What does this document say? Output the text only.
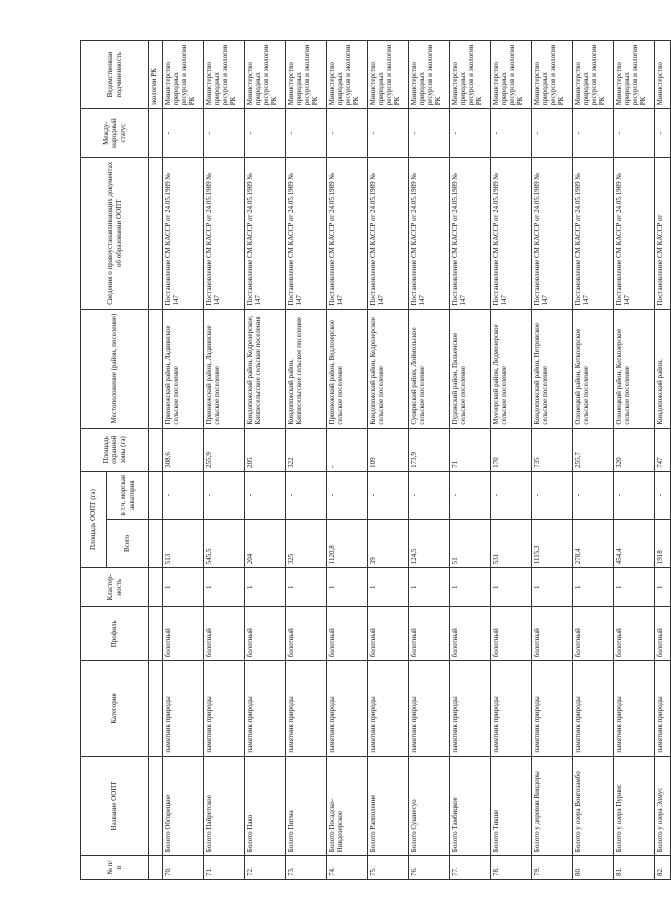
№ п/п	Название ООПТ	Категория	Профиль	Кластер-ность	Площадь ООПТ (га)		Площадь охранной зоны (га)	Местоположение (район, поселение)	Сведения о правоустанавливающих документах об образовании ООПТ	Между-народный статус	Ведомственная подчиненность

					Всего	в т.ч. морская акватория					
											экологии РК
70.	Болото Обгорецкое	памятник природы	болотный	1	513	-	308,6	Прионежский район, Ладвинское сельское поселение	Постановление СМ КАССР от 24.05.1989 № 147	-	Министерство природных ресурсов и экологии РК
71.	Болото Пайретское	памятник природы	болотный	1	545,5	-	255,9	Прионежский район, Ладвинское сельское поселение	Постановление СМ КАССР от 24.05.1989 № 147	-	Министерство природных ресурсов и экологии РК
72.	Болото Паяо	памятник природы	болотный	1	204	-	205	Кондопожский район, Кедрозерское, Кяппесельгское сельские поселения	Постановление СМ КАССР от 24.05.1989 № 147	-	Министерство природных ресурсов и экологии РК
73.	Болото Питма	памятник природы	болотный	1	325	-	322	Кондопожский район, Кяппесельгское сельское поселение	Постановление СМ КАССР от 24.05.1989 № 147	-	Министерство природных ресурсов и экологии РК
74.	Болото Посадско-Нивдозерское	памятник природы	болотный	1	1120,8	-	-	Прионежский район, Ведлозерское сельское поселение	Постановление СМ КАССР от 24.05.1989 № 147	-	Министерство природных ресурсов и экологии РК
75.	Болото Рапполенне	памятник природы	болотный	1	39	-	109	Кондопожский район, Кедрозерское сельское поселение	Постановление СМ КАССР от 24.05.1989 № 147	-	Министерство природных ресурсов и экологии РК
76.	Болото Сушиесуо	памятник природы	болотный	1	124,5	-	173,9	Суоярвский район, Лоймольское сельское поселение	Постановление СМ КАССР от 24.05.1989 № 147	-	Министерство природных ресурсов и экологии РК
77.	Болото Тамбицкое	памятник природы	болотный	1	51	-	71	Пудожский район, Пяльемское сельское поселение	Постановление СМ КАССР от 24.05.1989 № 147	-	Министерство природных ресурсов и экологии РК
78.	Болото Тикше	памятник природы	болотный	1	531	-	170	Муезерский район, Ледмозерское сельское поселение	Постановление СМ КАССР от 24.05.1989 № 147	-	Министерство природных ресурсов и экологии РК
79.	Болото у деревни Виндоры	памятник природы	болотный	1	1115,3	-	735	Кондопожский район, Петровское сельское поселение	Постановление СМ КАССР от 24.05.1989 № 147	-	Министерство природных ресурсов и экологии РК
80.	Болото у озера Вонгозамбо	памятник природы	болотный	1	278,4	-	255,7	Олонецкий район, Коткозерское сельское поселение	Постановление СМ КАССР от 24.05.1989 № 147	-	Министерство природных ресурсов и экологии РК
81.	Болото у озера Пурнис	памятник природы	болотный	1	454,4	-	320	Олонецкий район, Коткозерское сельское поселение	Постановление СМ КАССР от 24.05.1989 № 147	-	Министерство природных ресурсов и экологии РК
82.	Болото у озера Элмус	памятник природы	болотный	1	1918	-	747	Кондопожский район,	Постановление СМ КАССР от	-	Министерство
